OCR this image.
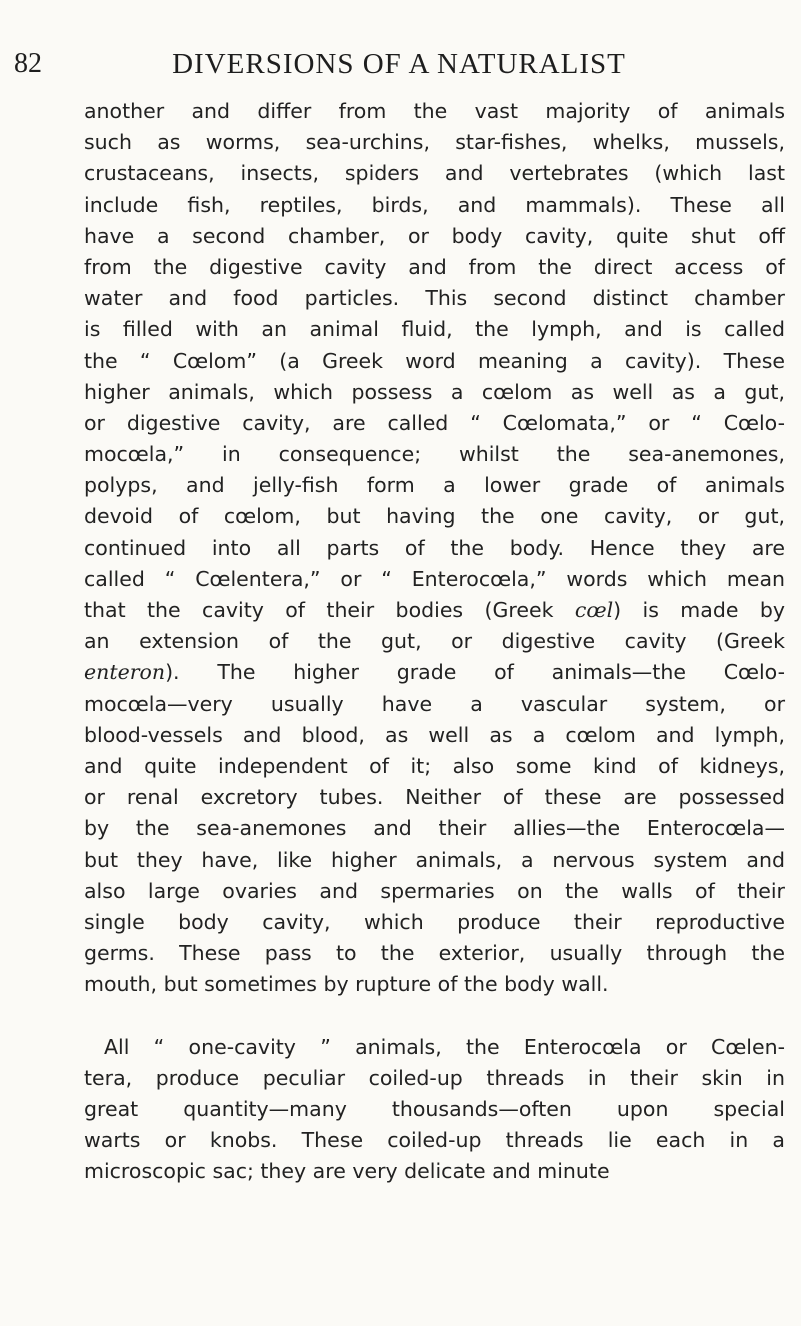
82	DIVERSIONS OF A NATURALIST
another and differ from the vast majority of animals
such as worms, sea-urchins, star-fishes, whelks, mussels,
crustaceans, insects, spiders and vertebrates (which last
include fish, reptiles, birds, and mammals). These all
have a second chamber, or body cavity, quite shut off
from the digestive cavity and from the direct access of
water and food particles. This second distinct chamber
is filled with an animal fluid, the lymph, and is called
the “ Cœlom” (a Greek word meaning a cavity). These
higher animals, which possess a cœlom as well as a gut,
or digestive cavity, are called “ Cœlomata,” or “ Cœlo-
mocœla,” in consequence; whilst the sea-anemones,
polyps, and jelly-fish form a lower grade of animals
devoid of cœlom, but having the one cavity, or gut,
continued into all parts of the body. Hence they are
called “ Cœlentera,” or “ Enterocœla,” words which mean
that the cavity of their bodies (Greek cœl) is made by
an extension of the gut, or digestive cavity (Greek
enteron). The higher grade of animals—the Cœlo-
mocœla—very usually have a vascular system, or
blood-vessels and blood, as well as a cœlom and lymph,
and quite independent of it; also some kind of kidneys,
or renal excretory tubes. Neither of these are possessed
by the sea-anemones and their allies—the Enterocœla—
but they have, like higher animals, a nervous system and
also large ovaries and spermaries on the walls of their
single body cavity, which produce their reproductive
germs. These pass to the exterior, usually through the
mouth, but sometimes by rupture of the body wall.
All “ one-cavity ” animals, the Enterocœla or Cœlen-
tera, produce peculiar coiled-up threads in their skin in
great quantity—many thousands—often upon special
warts or knobs. These coiled-up threads lie each in a
microscopic sac; they are very delicate and minute
